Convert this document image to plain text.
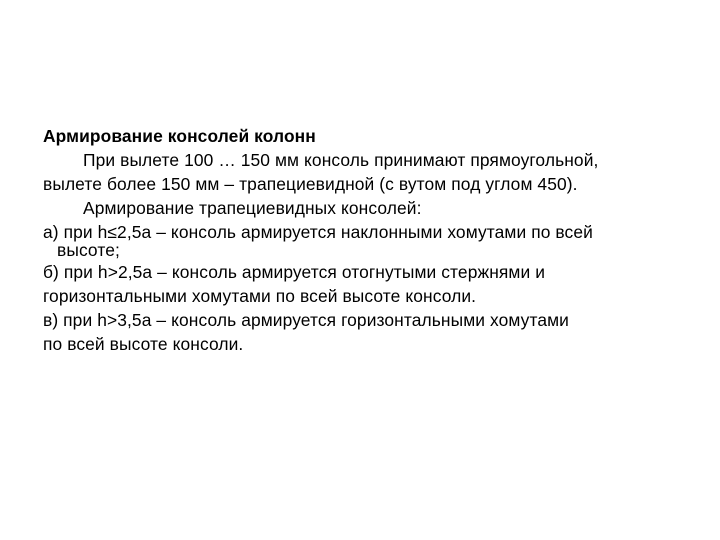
Армирование консолей колонн
При вылете 100 … 150 мм консоль принимают прямоугольной,
вылете более 150 мм – трапециевидной (с вутом под углом 450).
Армирование трапециевидных консолей:
а) при h≤2,5a – консоль армируется наклонными хомутами по всей
высоте;
б) при h>2,5a – консоль армируется отогнутыми стержнями и
горизонтальными хомутами по всей высоте консоли.
в) при h>3,5a – консоль армируется горизонтальными хомутами
по всей высоте консоли.
